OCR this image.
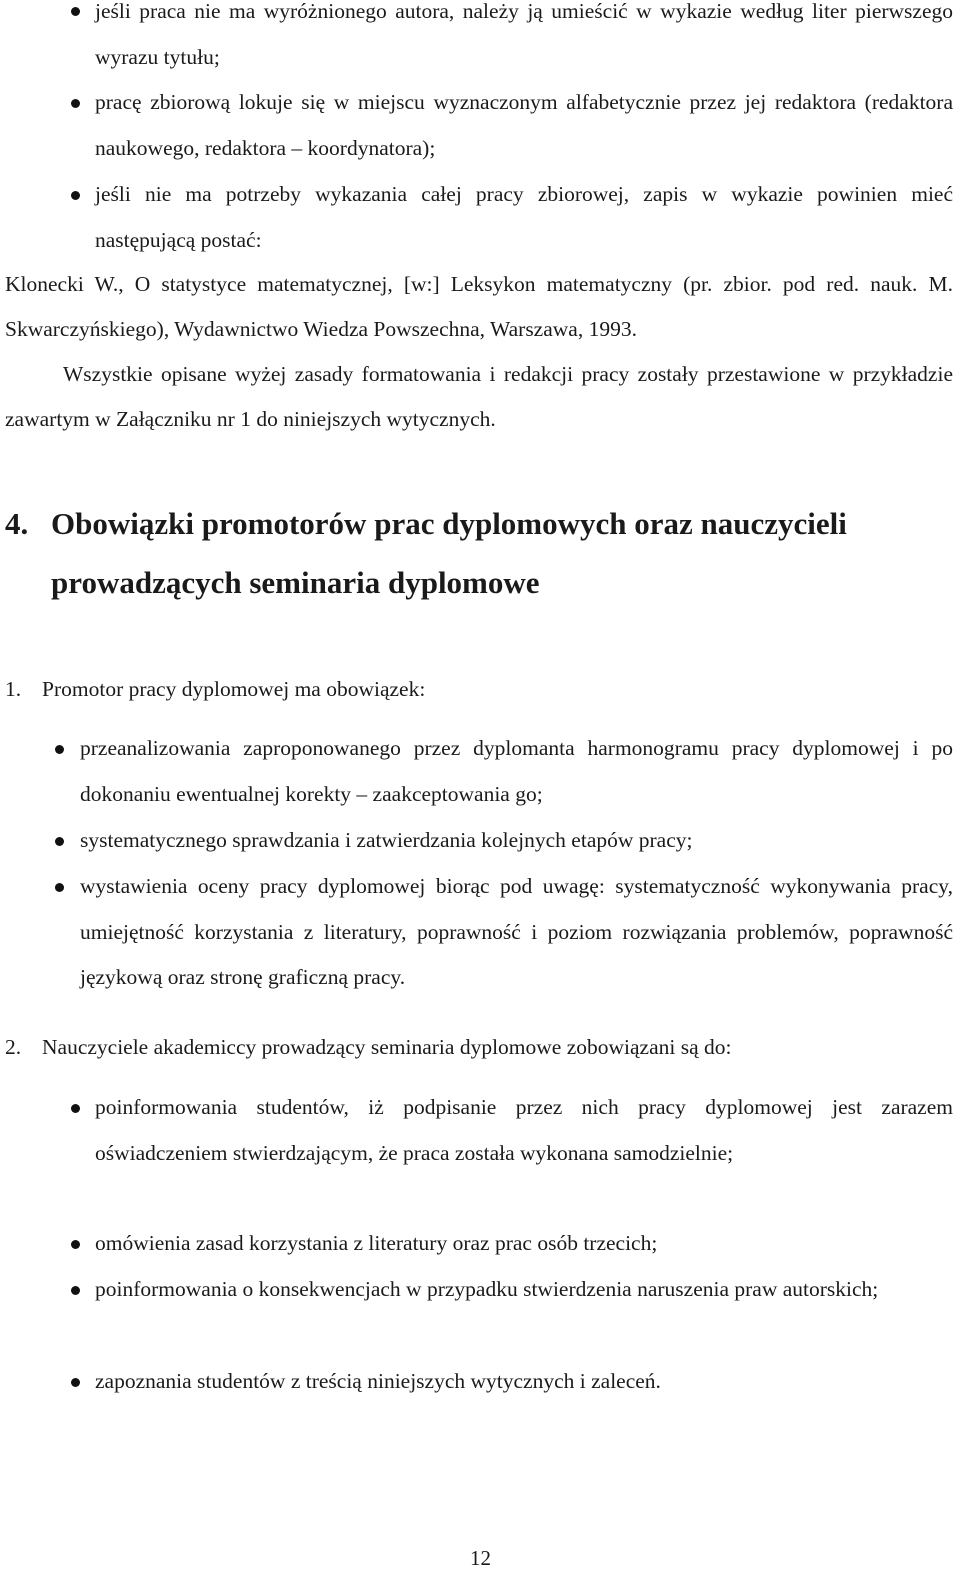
jeśli praca nie ma wyróżnionego autora, należy ją umieścić w wykazie według liter pierwszego wyrazu tytułu;
pracę zbiorową lokuje się w miejscu wyznaczonym alfabetycznie przez jej redaktora (redaktora naukowego, redaktora – koordynatora);
jeśli nie ma potrzeby wykazania całej pracy zbiorowej, zapis w wykazie powinien mieć następującą postać:

Klonecki W., O statystyce matematycznej, [w:] Leksykon matematyczny (pr. zbior. pod red. nauk. M. Skwarczyńskiego), Wydawnictwo Wiedza Powszechna, Warszawa, 1993.

Wszystkie opisane wyżej zasady formatowania i redakcji pracy zostały przestawione w przykładzie zawartym w Załączniku nr 1 do niniejszych wytycznych.

4. Obowiązki promotorów prac dyplomowych oraz nauczycieli prowadzących seminaria dyplomowe
1. Promotor pracy dyplomowej ma obowiązek:
przeanalizowania zaproponowanego przez dyplomanta harmonogramu pracy dyplomowej i po dokonaniu ewentualnej korekty – zaakceptowania go;
systematycznego sprawdzania i zatwierdzania kolejnych etapów pracy;
wystawienia oceny pracy dyplomowej biorąc pod uwagę: systematyczność wykonywania pracy, umiejętność korzystania z literatury, poprawność i poziom rozwiązania problemów, poprawność językową oraz stronę graficzną pracy.
2. Nauczyciele akademiccy prowadzący seminaria dyplomowe zobowiązani są do:
poinformowania studentów, iż podpisanie przez nich pracy dyplomowej jest zarazem oświadczeniem stwierdzającym, że praca została wykonana samodzielnie;
omówienia zasad korzystania z literatury oraz prac osób trzecich;
poinformowania o konsekwencjach w przypadku stwierdzenia naruszenia praw autorskich;
zapoznania studentów z treścią niniejszych wytycznych i zaleceń.
12
